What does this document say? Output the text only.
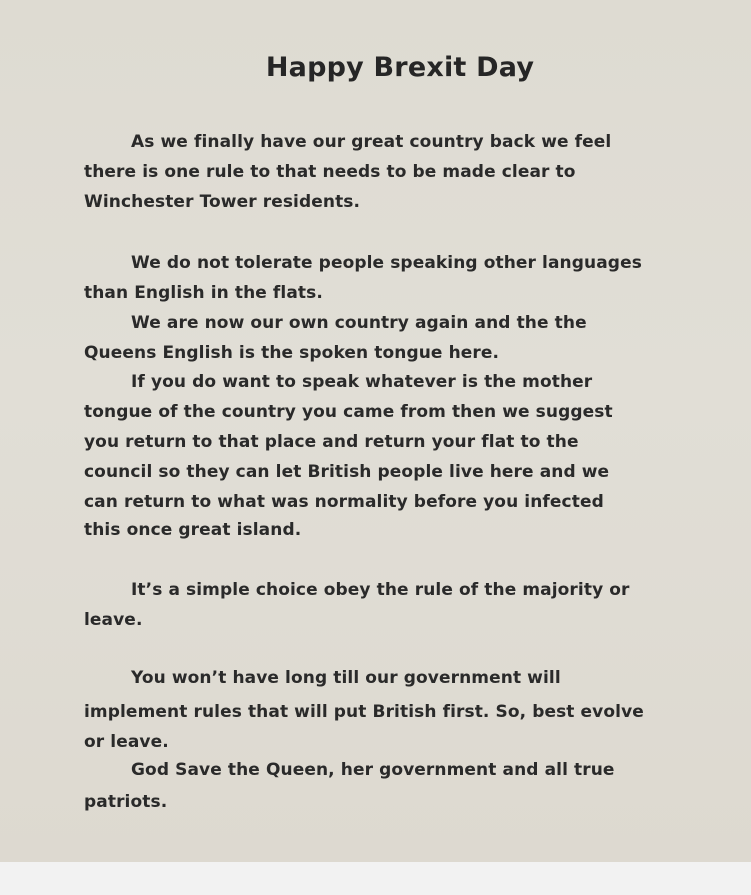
Happy Brexit Day
As we finally have our great country back we feel
there is one rule to that needs to be made clear to
Winchester Tower residents.
We do not tolerate people speaking other languages
than English in the flats.
We are now our own country again and the the
Queens English is the spoken tongue here.
If you do want to speak whatever is the mother
tongue of the country you came from then we suggest
you return to that place and return your flat to the
council so they can let British people live here and we
can return to what was normality before you infected
this once great island.
It’s a simple choice obey the rule of the majority or
leave.
You won’t have long till our government will
implement rules that will put British first. So, best evolve
or leave.
God Save the Queen, her government and all true
patriots.
